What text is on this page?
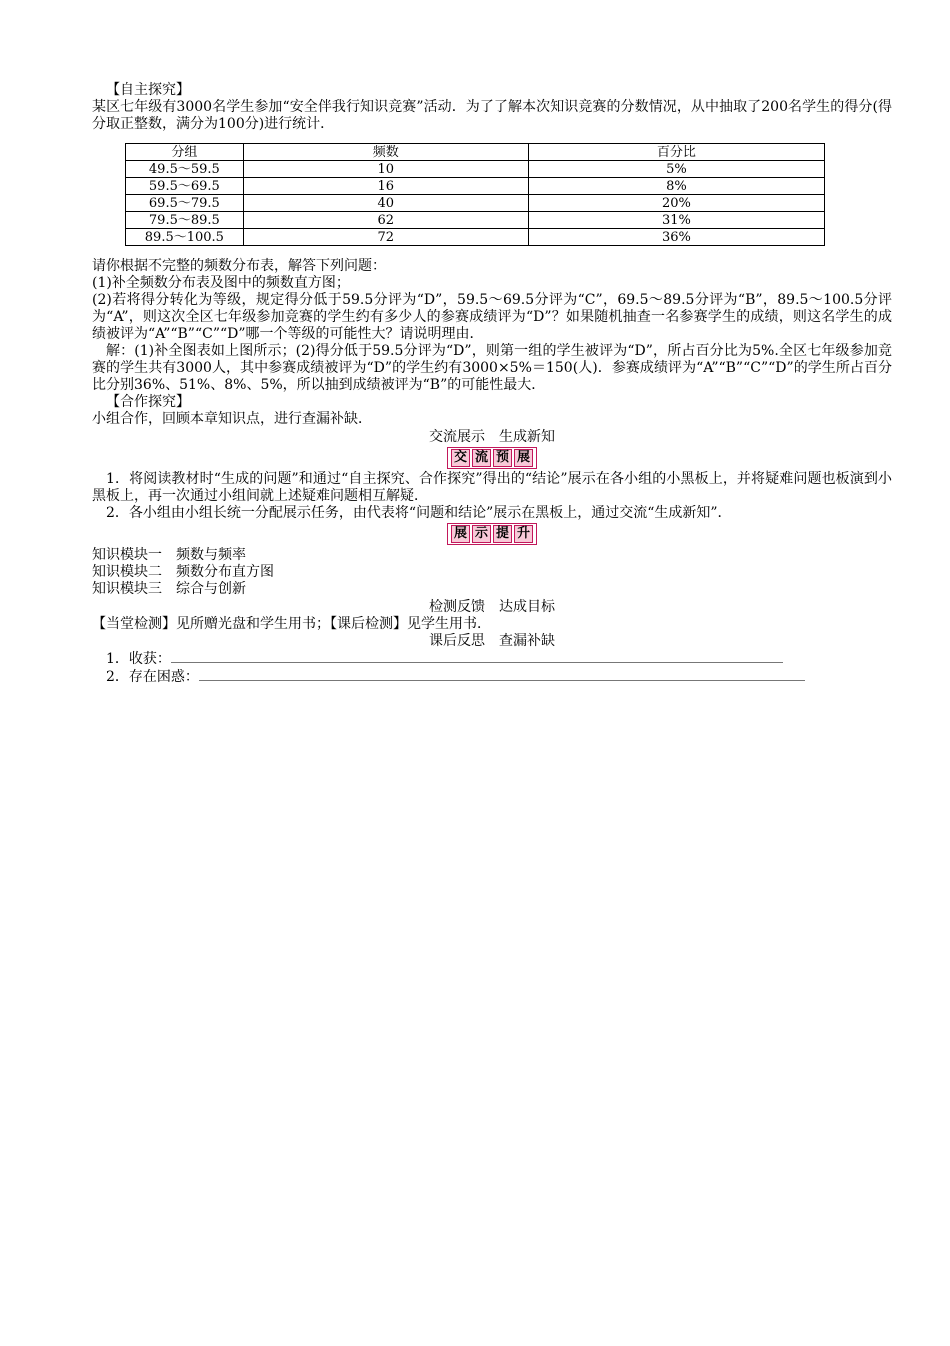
【自主探究】

某区七年级有3000名学生参加“安全伴我行知识竞赛”活动．为了了解本次知识竞赛的分数情况，从中抽取了200名学生的得分(得分取正整数，满分为100分)进行统计．

分组	频数	百分比
49.5～59.5	10	5%
59.5～69.5	16	8%
69.5～79.5	40	20%
79.5～89.5	62	31%
89.5～100.5	72	36%

请你根据不完整的频数分布表，解答下列问题：

(1)补全频数分布表及图中的频数直方图；

(2)若将得分转化为等级，规定得分低于59.5分评为“D”，59.5～69.5分评为“C”，69.5～89.5分评为“B”，89.5～100.5分评为“A”，则这次全区七年级参加竞赛的学生约有多少人的参赛成绩评为“D”？如果随机抽查一名参赛学生的成绩，则这名学生的成绩被评为“A”“B”“C”“D”哪一个等级的可能性大？请说明理由．

解：(1)补全图表如上图所示；(2)得分低于59.5分评为“D”，则第一组的学生被评为“D”，所占百分比为5%.全区七年级参加竞赛的学生共有3000人，其中参赛成绩被评为“D”的学生约有3000×5%＝150(人)．参赛成绩评为“A”“B”“C”“D”的学生所占百分比分别36%、51%、8%、5%，所以抽到成绩被评为“B”的可能性最大．

【合作探究】

小组合作，回顾本章知识点，进行查漏补缺．

交流展示　生成新知

交 流 预 展

1．将阅读教材时“生成的问题”和通过“自主探究、合作探究”得出的“结论”展示在各小组的小黑板上，并将疑难问题也板演到小黑板上，再一次通过小组间就上述疑难问题相互解疑．

2．各小组由小组长统一分配展示任务，由代表将“问题和结论”展示在黑板上，通过交流“生成新知”．

展 示 提 升

知识模块一　频数与频率

知识模块二　频数分布直方图

知识模块三　综合与创新

检测反馈　达成目标

【当堂检测】见所赠光盘和学生用书；【课后检测】见学生用书．

课后反思　查漏补缺

1．收获：

2．存在困惑：
